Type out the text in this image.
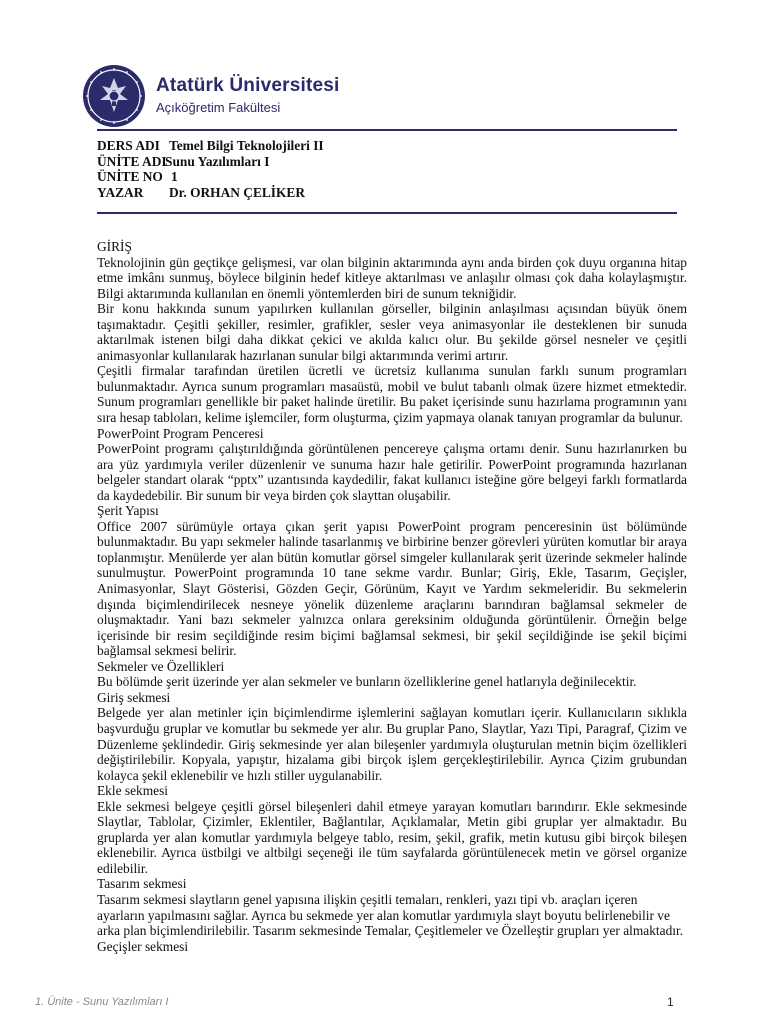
Atatürk Üniversitesi
Açıköğretim Fakültesi
DERS ADI Temel Bilgi Teknolojileri II
ÜNİTE ADI
Sunu Yazılımları I
ÜNİTE NO 1
YAZAR	Dr. ORHAN ÇELİKER
GİRİŞ

Teknolojinin gün geçtikçe gelişmesi, var olan bilginin aktarımında aynı anda birden çok duyu organına hitap etme imkânı sunmuş, böylece bilginin hedef kitleye aktarılması ve anlaşılır olması çok daha kolaylaşmıştır. Bilgi aktarımında kullanılan en önemli yöntemlerden biri de sunum tekniğidir.

Bir konu hakkında sunum yapılırken kullanılan görseller, bilginin anlaşılması açısından büyük önem taşımaktadır. Çeşitli şekiller, resimler, grafikler, sesler veya animasyonlar ile desteklenen bir sunuda aktarılmak istenen bilgi daha dikkat çekici ve akılda kalıcı olur. Bu şekilde görsel nesneler ve çeşitli animasyonlar kullanılarak hazırlanan sunular bilgi aktarımında verimi artırır.

Çeşitli firmalar tarafından üretilen ücretli ve ücretsiz kullanıma sunulan farklı sunum programları bulunmaktadır. Ayrıca sunum programları masaüstü, mobil ve bulut tabanlı olmak üzere hizmet etmektedir. Sunum programları genellikle bir paket halinde üretilir. Bu paket içerisinde sunu hazırlama programının yanı sıra hesap tabloları, kelime işlemciler, form oluşturma, çizim yapmaya olanak tanıyan programlar da bulunur.

PowerPoint Program Penceresi

PowerPoint programı çalıştırıldığında görüntülenen pencereye çalışma ortamı denir. Sunu hazırlanırken bu ara yüz yardımıyla veriler düzenlenir ve sunuma hazır hale getirilir. PowerPoint programında hazırlanan belgeler standart olarak “pptx” uzantısında kaydedilir, fakat kullanıcı isteğine göre belgeyi farklı formatlarda da kaydedebilir. Bir sunum bir veya birden çok slayttan oluşabilir.

Şerit Yapısı

Office 2007 sürümüyle ortaya çıkan şerit yapısı PowerPoint program penceresinin üst bölümünde bulunmaktadır. Bu yapı sekmeler halinde tasarlanmış ve birbirine benzer görevleri yürüten komutlar bir araya toplanmıştır. Menülerde yer alan bütün komutlar görsel simgeler kullanılarak şerit üzerinde sekmeler halinde sunulmuştur. PowerPoint programında 10 tane sekme vardır. Bunlar; Giriş, Ekle, Tasarım, Geçişler, Animasyonlar, Slayt Gösterisi, Gözden Geçir, Görünüm, Kayıt ve Yardım sekmeleridir. Bu sekmelerin dışında biçimlendirilecek nesneye yönelik düzenleme araçlarını barındıran bağlamsal sekmeler de oluşmaktadır. Yani bazı sekmeler yalnızca onlara gereksinim olduğunda görüntülenir. Örneğin belge içerisinde bir resim seçildiğinde resim biçimi bağlamsal sekmesi, bir şekil seçildiğinde ise şekil biçimi bağlamsal sekmesi belirir.

Sekmeler ve Özellikleri

Bu bölümde şerit üzerinde yer alan sekmeler ve bunların özelliklerine genel hatlarıyla değinilecektir.

Giriş sekmesi

Belgede yer alan metinler için biçimlendirme işlemlerini sağlayan komutları içerir. Kullanıcıların sıklıkla başvurduğu gruplar ve komutlar bu sekmede yer alır. Bu gruplar Pano, Slaytlar, Yazı Tipi, Paragraf, Çizim ve Düzenleme şeklindedir. Giriş sekmesinde yer alan bileşenler yardımıyla oluşturulan metnin biçim özellikleri değiştirilebilir. Kopyala, yapıştır, hizalama gibi birçok işlem gerçekleştirilebilir. Ayrıca Çizim grubundan kolayca şekil eklenebilir ve hızlı stiller uygulanabilir.

Ekle sekmesi

Ekle sekmesi belgeye çeşitli görsel bileşenleri dahil etmeye yarayan komutları barındırır. Ekle sekmesinde Slaytlar, Tablolar, Çizimler, Eklentiler, Bağlantılar, Açıklamalar, Metin gibi gruplar yer almaktadır. Bu gruplarda yer alan komutlar yardımıyla belgeye tablo, resim, şekil, grafik, metin kutusu gibi birçok bileşen eklenebilir. Ayrıca üstbilgi ve altbilgi seçeneği ile tüm sayfalarda görüntülenecek metin ve görsel organize edilebilir.

Tasarım sekmesi

Tasarım sekmesi slaytların genel yapısına ilişkin çeşitli temaları, renkleri, yazı tipi vb. araçları içeren ayarların yapılmasını sağlar. Ayrıca bu sekmede yer alan komutlar yardımıyla slayt boyutu belirlenebilir ve arka plan biçimlendirilebilir. Tasarım sekmesinde Temalar, Çeşitlemeler ve Özelleştir grupları yer almaktadır.

Geçişler sekmesi
1. Ünite - Sunu Yazılımları I	1
